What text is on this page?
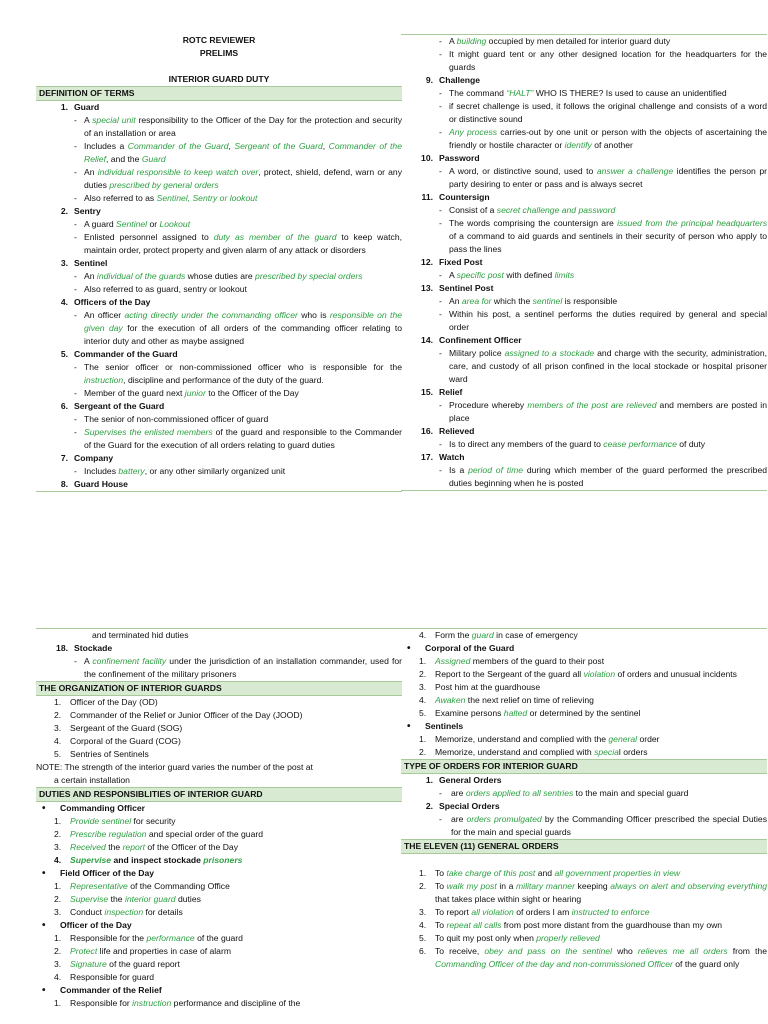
ROTC REVIEWER
PRELIMS
INTERIOR GUARD DUTY
DEFINITION OF TERMS
1. Guard
- A special unit responsibility to the Officer of the Day for the protection and security of an installation or area
- Includes a Commander of the Guard, Sergeant of the Guard, Commander of the Relief, and the Guard
- An individual responsible to keep watch over, protect, shield, defend, warn or any duties prescribed by general orders
- Also referred to as Sentinel, Sentry or lookout
2. Sentry
- A guard Sentinel or Lookout
- Enlisted personnel assigned to duty as member of the guard to keep watch, maintain order, protect property and given alarm of any attack or disorders
3. Sentinel
- An individual of the guards whose duties are prescribed by special orders
- Also referred to as guard, sentry or lookout
4. Officers of the Day
- An officer acting directly under the commanding officer who is responsible on the given day for the execution of all orders of the commanding officer relating to interior duty and other as maybe assigned
5. Commander of the Guard
- The senior officer or non-commissioned officer who is responsible for the instruction, discipline and performance of the duty of the guard.
- Member of the guard next junior to the Officer of the Day
6. Sergeant of the Guard
- The senior of non-commissioned officer of guard
- Supervises the enlisted members of the guard and responsible to the Commander of the Guard for the execution of all orders relating to guard duties
7. Company
- Includes battery, or any other similarly organized unit
8. Guard House
- A building occupied by men detailed for interior guard duty
- It might guard tent or any other designed location for the headquarters for the guards
9. Challenge
- The command “HALT” WHO IS THERE? Is used to cause an unidentified
- if secret challenge is used, it follows the original challenge and consists of a word or distinctive sound
- Any process carries-out by one unit or person with the objects of ascertaining the friendly or hostile character or identify of another
10. Password
- A word, or distinctive sound, used to answer a challenge identifies the person pr party desiring to enter or pass and is always secret
11. Countersign
- Consist of a secret challenge and password
- The words comprising the countersign are issued from the principal headquarters of a command to aid guards and sentinels in their security of person who apply to pass the lines
12. Fixed Post
- A specific post with defined limits
13. Sentinel Post
- An area for which the sentinel is responsible
- Within his post, a sentinel performs the duties required by general and special order
14. Confinement Officer
- Military police assigned to a stockade and charge with the security, administration, care, and custody of all prison confined in the local stockade or hospital prisoner ward
15. Relief
- Procedure whereby members of the post are relieved and members are posted in place
16. Relieved
- Is to direct any members of the guard to cease performance of duty
17. Watch
- Is a period of time during which member of the guard performed the prescribed duties beginning when he is posted
and terminated hid duties
18. Stockade
- A confinement facility under the jurisdiction of an installation commander, used for the confinement of the military prisoners
THE ORGANIZATION OF INTERIOR GUARDS
1.	Officer of the Day (OD)
2.	Commander of the Relief or Junior Officer of the Day (JOOD)
3.	Sergeant of the Guard (SOG)
4.	Corporal of the Guard (COG)
5.	Sentries of Sentinels
NOTE: The strength of the interior guard varies the number of the post at
a certain installation
DUTIES AND RESPONSIBLITIES OF INTERIOR GUARD
•	Commanding Officer
1.	Provide sentinel for security
2.	Prescribe regulation and special order of the guard
3.	Received the report of the Officer of the Day
4.	Supervise and inspect stockade prisoners
•	Field Officer of the Day
1.	Representative of the Commanding Office
2.	Supervise the interior guard duties
3.	Conduct inspection for details
•	Officer of the Day
1.	Responsible for the performance of the guard
2.	Protect life and properties in case of alarm
3.	Signature of the guard report
4.	Responsible for guard
•	Commander of the Relief
1.	Responsible for instruction performance and discipline of the
4.	Form the guard in case of emergency
•	Corporal of the Guard
1.	Assigned members of the guard to their post
2.	Report to the Sergeant of the guard all violation of orders and unusual incidents
3.	Post him at the guardhouse
4.	Awaken the next relief on time of relieving
5.	Examine persons halted or determined by the sentinel
•	Sentinels
1.	Memorize, understand and complied with the general order
2.	Memorize, understand and complied with special orders
TYPE OF ORDERS FOR INTERIOR GUARD
1. General Orders
-	are orders applied to all sentries to the main and special guard
2. Special Orders
-	are orders promulgated by the Commanding Officer prescribed the special Duties for the main and special guards
THE ELEVEN (11) GENERAL ORDERS
1.	To take charge of this post and all government properties in view
2.	To walk my post in a military manner keeping always on alert and observing everything that takes place within sight or hearing
3.	To report all violation of orders I am instructed to enforce
4.	To repeat all calls from post more distant from the guardhouse than my own
5.	To quit my post only when properly relieved
6.	To receive, obey and pass on the sentinel who relieves me all orders from the Commanding Officer of the day and non-commissioned Officer of the guard only
